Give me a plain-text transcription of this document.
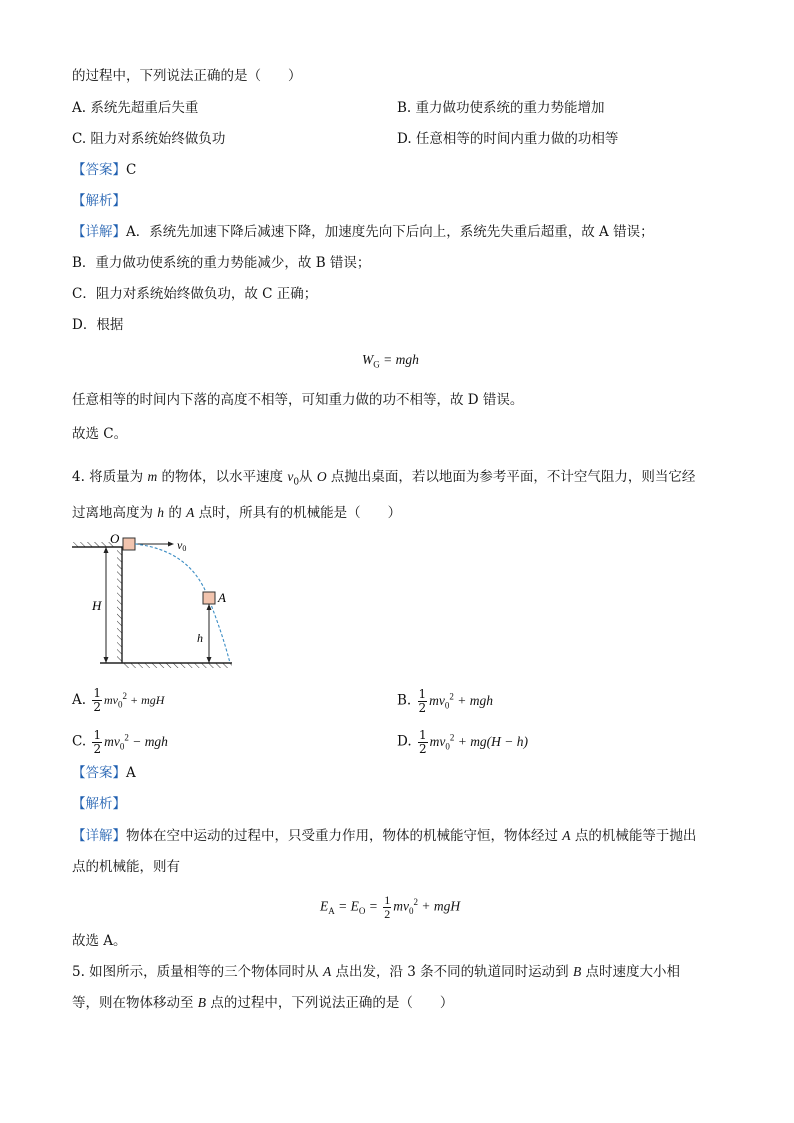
的过程中，下列说法正确的是（　　）
A. 系统先超重后失重	B. 重力做功使系统的重力势能增加
C. 阻力对系统始终做负功	D. 任意相等的时间内重力做的功相等
【答案】C
【解析】
【详解】A．系统先加速下降后减速下降，加速度先向下后向上，系统先失重后超重，故 A 错误；
B．重力做功使系统的重力势能减少，故 B 错误；
C．阻力对系统始终做负功，故 C 正确；
D．根据
$W_G$ = mgh
任意相等的时间内下落的高度不相等，可知重力做的功不相等，故 D 错误。
故选 C。
4. 将质量为 m 的物体，以水平速度 $v_0$从 O 点抛出桌面，若以地面为参考平面，不计空气阻力，则当它经
过离地高度为 h 的 A 点时，所具有的机械能是（　　）
v0
O
A
H
h
A. $\frac{1}{2} mv_0^2$ + mgH	B. $\frac{1}{2} mv_0^2$ + mgh
C. $\frac{1}{2} mv_0^2$ − mgh	D. $\frac{1}{2} mv_0^2 + mg(H - h)$
【答案】A
【解析】
【详解】物体在空中运动的过程中，只受重力作用，物体的机械能守恒，物体经过 A 点的机械能等于抛出
点的机械能，则有
$E_A = E_O = \frac{1}{2} mv_0^2$ + mgH
故选 A。
5. 如图所示，质量相等的三个物体同时从 A 点出发，沿 3 条不同的轨道同时运动到 B 点时速度大小相
等，则在物体移动至 B 点的过程中，下列说法正确的是（　　）
